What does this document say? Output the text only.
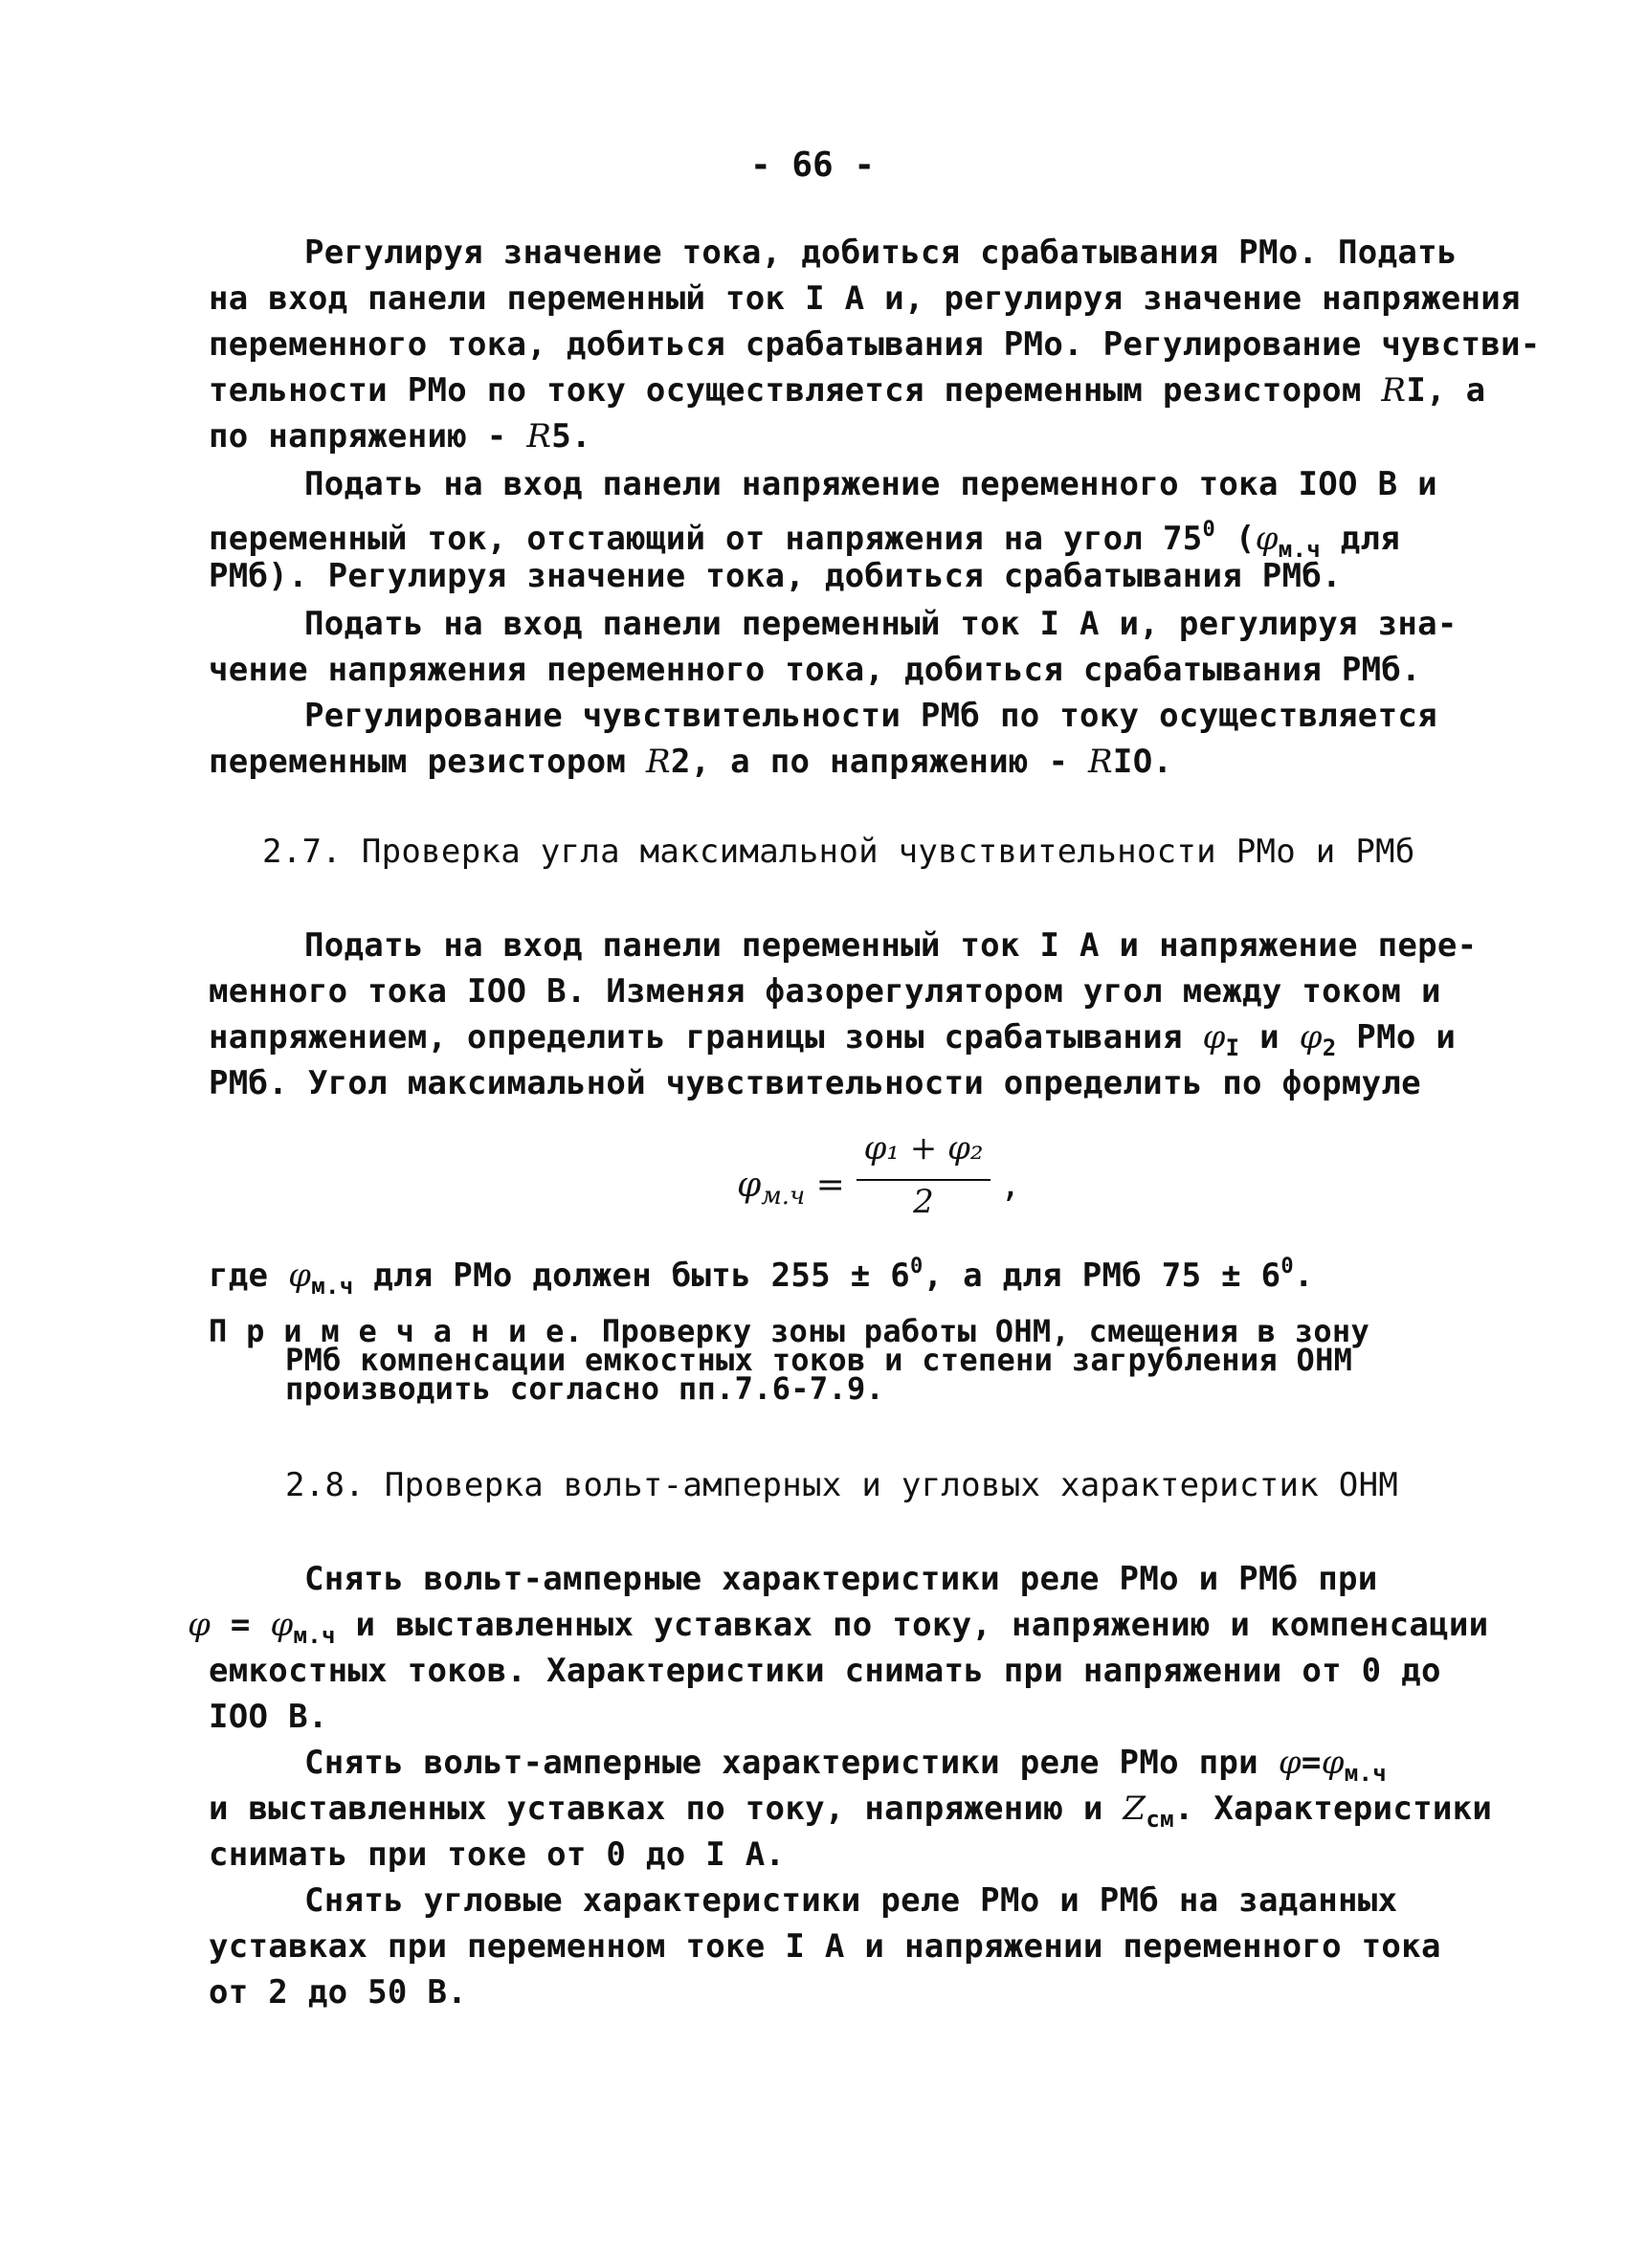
- 66 -
Регулируя значение тока, добиться срабатывания РМо. Подать
на вход панели переменный ток I А и, регулируя значение напряжения
переменного тока, добиться срабатывания РМо. Регулирование чувстви-
тельности РМо по току осуществляется переменным резистором RI, а
по напряжению - R5.
Подать на вход панели напряжение переменного тока IOO В и
переменный ток, отстающий от напряжения на угол $75^0$ ($\varphi_{м.ч}$ для
РМб). Регулируя значение тока, добиться срабатывания РМб.
Подать на вход панели переменный ток I А и, регулируя зна-
чение напряжения переменного тока, добиться срабатывания РМб.
Регулирование чувствительности РМб по току осуществляется
переменным резистором R2, а по напряжению - RIO.
2.7. Проверка угла максимальной чувствительности РМо и РМб
Подать на вход панели переменный ток I А и напряжение пере-
менного тока IOO В. Изменяя фазорегулятором угол между током и
напряжением, определить границы зоны срабатывания $\varphi_I$ и $\varphi_2$ РМо и
РМб. Угол максимальной чувствительности определить по формуле
$\varphi_{м.ч}$ =
φ₁ + φ₂
2	,
где $\varphi_{м.ч}$ для РМо должен быть $255 \pm 6^0$, а для РМб $75 \pm 6^0$.
П р и м е ч а н и е. Проверку зоны работы ОНМ, смещения в зону
РМб компенсации емкостных токов и степени загрубления ОНМ
производить согласно пп.7.6-7.9.
2.8. Проверка вольт-амперных и угловых характеристик ОНМ
Снять вольт-амперные характеристики реле РМо и РМб при
$\varphi = \varphi_{м.ч}$ и выставленных уставках по току, напряжению и компенсации
емкостных токов. Характеристики снимать при напряжении от 0 до
IOO В.
Снять вольт-амперные характеристики реле РМо при $\varphi=\varphi_{м.ч}$
и выставленных уставках по току, напряжению и $Z_{см}$. Характеристики
снимать при токе от 0 до I А.
Снять угловые характеристики реле РМо и РМб на заданных
уставках при переменном токе I А и напряжении переменного тока
от 2 до 50 В.
